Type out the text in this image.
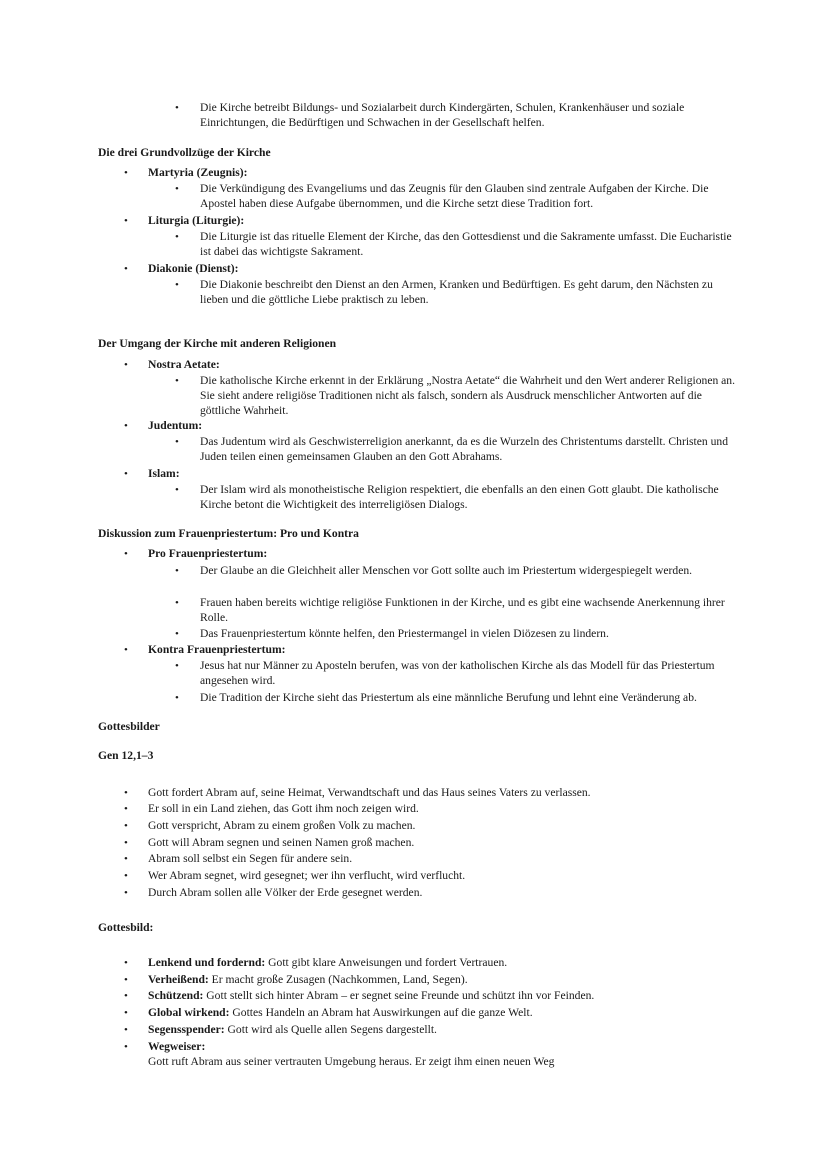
• Die Kirche betreibt Bildungs- und Sozialarbeit durch Kindergärten, Schulen, Krankenhäuser und soziale Einrichtungen, die Bedürftigen und Schwachen in der Gesellschaft helfen.
Die drei Grundvollzüge der Kirche
• Martyria (Zeugnis):
• Die Verkündigung des Evangeliums und das Zeugnis für den Glauben sind zentrale Aufgaben der Kirche. Die Apostel haben diese Aufgabe übernommen, und die Kirche setzt diese Tradition fort.
• Liturgia (Liturgie):
• Die Liturgie ist das rituelle Element der Kirche, das den Gottesdienst und die Sakramente umfasst. Die Eucharistie ist dabei das wichtigste Sakrament.
• Diakonie (Dienst):
• Die Diakonie beschreibt den Dienst an den Armen, Kranken und Bedürftigen. Es geht darum, den Nächsten zu lieben und die göttliche Liebe praktisch zu leben.
Der Umgang der Kirche mit anderen Religionen
• Nostra Aetate:
• Die katholische Kirche erkennt in der Erklärung „Nostra Aetate“ die Wahrheit und den Wert anderer Religionen an. Sie sieht andere religiöse Traditionen nicht als falsch, sondern als Ausdruck menschlicher Antworten auf die göttliche Wahrheit.
• Judentum:
• Das Judentum wird als Geschwisterreligion anerkannt, da es die Wurzeln des Christentums darstellt. Christen und Juden teilen einen gemeinsamen Glauben an den Gott Abrahams.
• Islam:
• Der Islam wird als monotheistische Religion respektiert, die ebenfalls an den einen Gott glaubt. Die katholische Kirche betont die Wichtigkeit des interreligiösen Dialogs.
Diskussion zum Frauenpriestertum: Pro und Kontra
• Pro Frauenpriestertum:
• Der Glaube an die Gleichheit aller Menschen vor Gott sollte auch im Priestertum widergespiegelt werden.
• Frauen haben bereits wichtige religiöse Funktionen in der Kirche, und es gibt eine wachsende Anerkennung ihrer Rolle.
• Das Frauenpriestertum könnte helfen, den Priestermangel in vielen Diözesen zu lindern.
• Kontra Frauenpriestertum:
• Jesus hat nur Männer zu Aposteln berufen, was von der katholischen Kirche als das Modell für das Priestertum angesehen wird.
• Die Tradition der Kirche sieht das Priestertum als eine männliche Berufung und lehnt eine Veränderung ab.
Gottesbilder
Gen 12,1–3
• Gott fordert Abram auf, seine Heimat, Verwandtschaft und das Haus seines Vaters zu verlassen.
• Er soll in ein Land ziehen, das Gott ihm noch zeigen wird.
• Gott verspricht, Abram zu einem großen Volk zu machen.
• Gott will Abram segnen und seinen Namen groß machen.
• Abram soll selbst ein Segen für andere sein.
• Wer Abram segnet, wird gesegnet; wer ihn verflucht, wird verflucht.
• Durch Abram sollen alle Völker der Erde gesegnet werden.
Gottesbild:
• Lenkend und fordernd: Gott gibt klare Anweisungen und fordert Vertrauen.
• Verheißend: Er macht große Zusagen (Nachkommen, Land, Segen).
• Schützend: Gott stellt sich hinter Abram – er segnet seine Freunde und schützt ihn vor Feinden.
• Global wirkend: Gottes Handeln an Abram hat Auswirkungen auf die ganze Welt.
• Segensspender: Gott wird als Quelle allen Segens dargestellt.
• Wegweiser:
Gott ruft Abram aus seiner vertrauten Umgebung heraus. Er zeigt ihm einen neuen Weg
